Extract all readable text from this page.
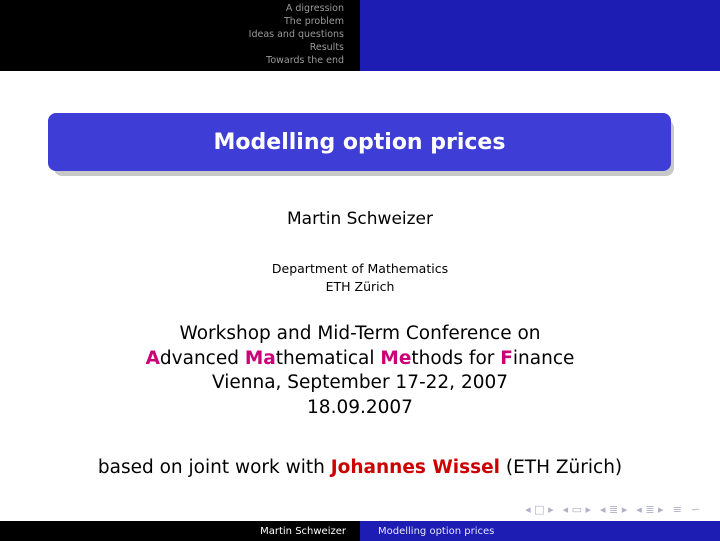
A digression
The problem
Ideas and questions
Results
Towards the end
Modelling option prices
Martin Schweizer
Department of Mathematics
ETH Zürich
Workshop and Mid-Term Conference on
Advanced Mathematical Methods for Finance
Vienna, September 17-22, 2007
18.09.2007
based on joint work with Johannes Wissel (ETH Zürich)
◂ □ ▸ ◂ ▭ ▸ ◂ ≣ ▸ ◂ ≣ ▸ ≡ ∽
Martin Schweizer	Modelling option prices
